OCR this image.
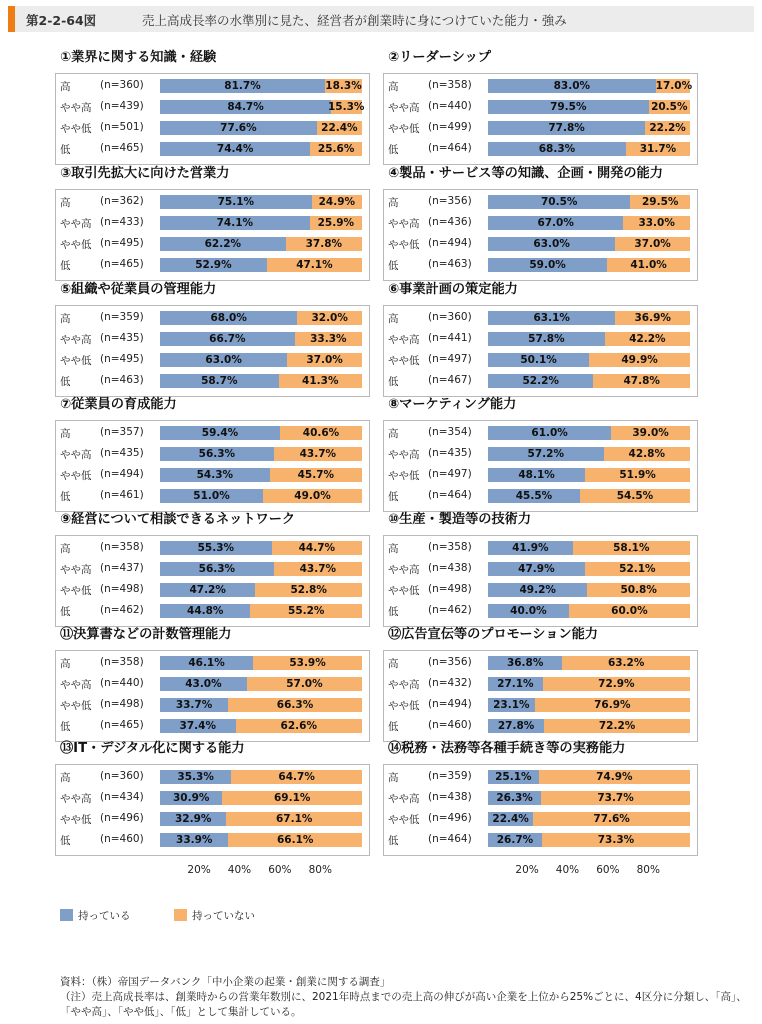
第2-2-64図	売上高成長率の水準別に見た、経営者が創業時に身につけていた能力・強み
①業界に関する知識・経験
高	(n=360)	81.7%	18.3%
やや高 (n=439)	84.7%	15.3%
やや低 (n=501)	77.6%	22.4%
低	(n=465)	74.4%	25.6%
②リーダーシップ
高	(n=358)	83.0%	17.0%
やや高 (n=440)	79.5%	20.5%
やや低 (n=499)	77.8%	22.2%
低	(n=464)	68.3%	31.7%
③取引先拡大に向けた営業力
高	(n=362)	75.1%	24.9%
やや高 (n=433)	74.1%	25.9%
やや低 (n=495)	62.2%	37.8%
低	(n=465)	52.9%	47.1%
④製品・サービス等の知識、企画・開発の能力
高	(n=356)	70.5%	29.5%
やや高 (n=436)	67.0%	33.0%
やや低 (n=494)	63.0%	37.0%
低	(n=463)	59.0%	41.0%
⑤組織や従業員の管理能力
高	(n=359)	68.0%	32.0%
やや高 (n=435)	66.7%	33.3%
やや低 (n=495)	63.0%	37.0%
低	(n=463)	58.7%	41.3%
⑥事業計画の策定能力
高	(n=360)	63.1%	36.9%
やや高 (n=441)	57.8%	42.2%
やや低 (n=497)	50.1%	49.9%
低	(n=467)	52.2%	47.8%
⑦従業員の育成能力
高	(n=357)	59.4%	40.6%
やや高 (n=435)	56.3%	43.7%
やや低 (n=494)	54.3%	45.7%
低	(n=461)	51.0%	49.0%
⑧マーケティング能力
高	(n=354)	61.0%	39.0%
やや高 (n=435)	57.2%	42.8%
やや低 (n=497)	48.1%	51.9%
低	(n=464)	45.5%	54.5%
⑨経営について相談できるネットワーク
高	(n=358)	55.3%	44.7%
やや高 (n=437)	56.3%	43.7%
やや低 (n=498)	47.2%	52.8%
低	(n=462)	44.8%	55.2%
⑩生産・製造等の技術力
高	(n=358)	41.9%	58.1%
やや高 (n=438)	47.9%	52.1%
やや低 (n=498)	49.2%	50.8%
低	(n=462)	40.0%	60.0%
⑪決算書などの計数管理能力
高	(n=358)	46.1%	53.9%
やや高 (n=440)	43.0%	57.0%
やや低 (n=498)	33.7%	66.3%
低	(n=465)	37.4%	62.6%
⑫広告宣伝等のプロモーション能力
高	(n=356)	36.8%	63.2%
やや高 (n=432)	27.1%	72.9%
やや低 (n=494)	23.1%	76.9%
低	(n=460)	27.8%	72.2%
⑬IT・デジタル化に関する能力
高	(n=360)	35.3%	64.7%
やや高 (n=434)	30.9%	69.1%
やや低 (n=496)	32.9%	67.1%
低	(n=460)	33.9%	66.1%
20% 40% 60% 80%
⑭税務・法務等各種手続き等の実務能力
高	(n=359)	25.1%	74.9%
やや高 (n=438)	26.3%	73.7%
やや低 (n=496)	22.4%	77.6%
低	(n=464)	26.7%	73.3%
20% 40% 60% 80%
持っている	持っていない
資料：（株）帝国データバンク「中小企業の起業・創業に関する調査」
（注）売上高成長率は、創業時からの営業年数別に、2021年時点までの売上高の伸びが高い企業を上位から25%ごとに、4区分に分類し、「高」、「やや高」、「やや低」、「低」として集計している。
